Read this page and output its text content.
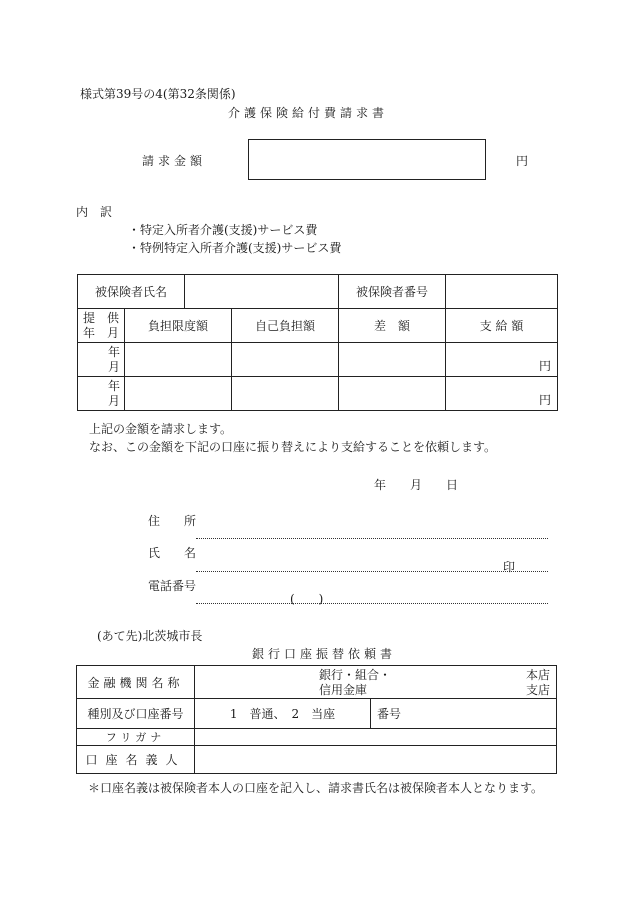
様式第39号の4(第32条関係)
介護保険給付費請求書
請求金額	円
内　訳
・特定入所者介護(支援)サービス費
・特例特定入所者介護(支援)サービス費
被保険者氏名				被保険者番号	

提　供
年　月	負担限度額		自己負担額	差　額	支 給 額

年
月					円

年
月					円
上記の金額を請求します。
なお、この金額を下記の口座に振り替えにより支給することを依頼します。
年 月 日
住　　所
氏　　名
印
電話番号
(　　)
(あて先)北茨城市長
銀行口座振替依頼書
金融機関名称	銀行・組合・
信用金庫
本店
支店	

種別及び口座番号	1　普通、　2　当座	番号
フリガナ		
口座名義人		
＊口座名義は被保険者本人の口座を記入し、請求書氏名は被保険者本人となります。
